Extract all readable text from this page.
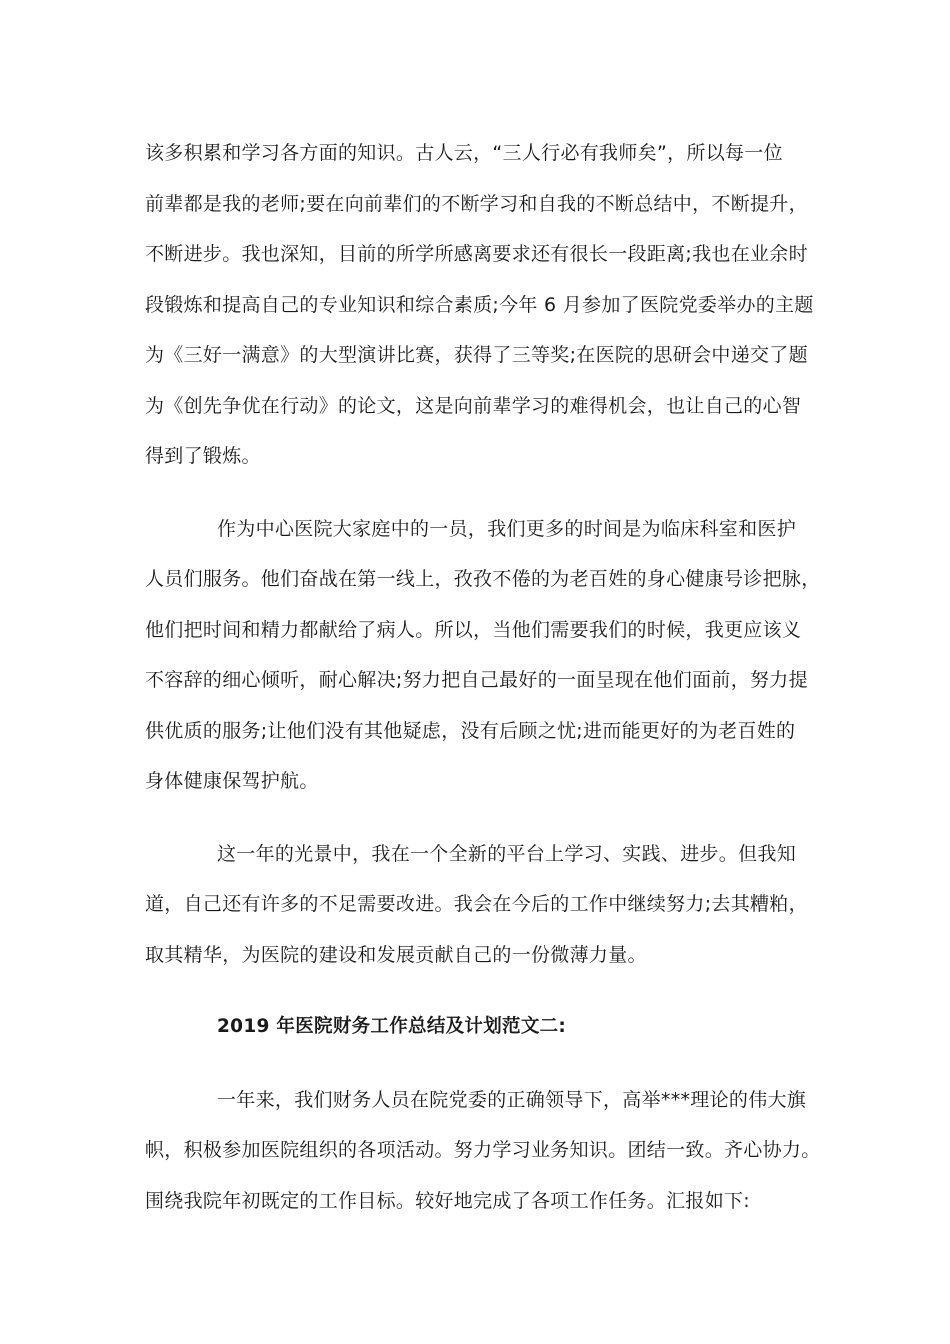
该多积累和学习各方面的知识。古人云，“三人行必有我师矣”，所以每一位
前辈都是我的老师;要在向前辈们的不断学习和自我的不断总结中，不断提升，
不断进步。我也深知，目前的所学所感离要求还有很长一段距离;我也在业余时
段锻炼和提高自己的专业知识和综合素质;今年 6 月参加了医院党委举办的主题
为《三好一满意》的大型演讲比赛，获得了三等奖;在医院的思研会中递交了题
为《创先争优在行动》的论文，这是向前辈学习的难得机会，也让自己的心智
得到了锻炼。
作为中心医院大家庭中的一员，我们更多的时间是为临床科室和医护
人员们服务。他们奋战在第一线上，孜孜不倦的为老百姓的身心健康号诊把脉，
他们把时间和精力都献给了病人。所以，当他们需要我们的时候，我更应该义
不容辞的细心倾听，耐心解决;努力把自己最好的一面呈现在他们面前，努力提
供优质的服务;让他们没有其他疑虑，没有后顾之忧;进而能更好的为老百姓的
身体健康保驾护航。
这一年的光景中，我在一个全新的平台上学习、实践、进步。但我知
道，自己还有许多的不足需要改进。我会在今后的工作中继续努力;去其糟粕，
取其精华，为医院的建设和发展贡献自己的一份微薄力量。
2019 年医院财务工作总结及计划范文二:
一年来，我们财务人员在院党委的正确领导下，高举***理论的伟大旗
帜，积极参加医院组织的各项活动。努力学习业务知识。团结一致。齐心协力。
围绕我院年初既定的工作目标。较好地完成了各项工作任务。汇报如下:
